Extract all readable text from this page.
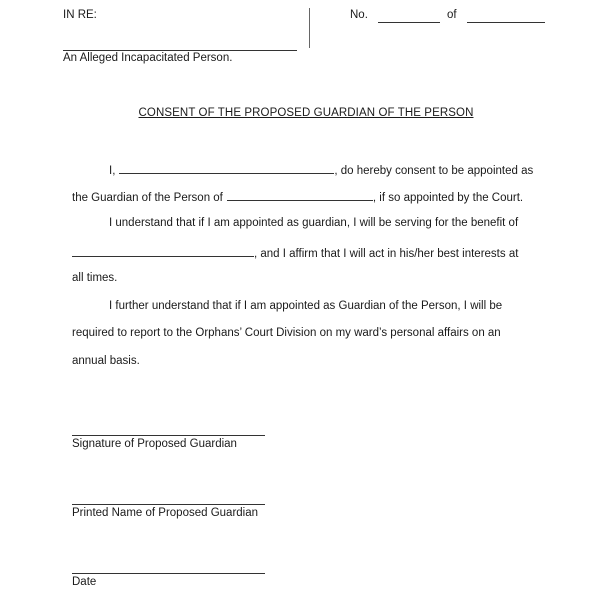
IN RE:
An Alleged Incapacitated Person.
No.	of
CONSENT OF THE PROPOSED GUARDIAN OF THE PERSON
I,	, do hereby consent to be appointed as
the Guardian of the Person of	, if so appointed by the Court.
I understand that if I am appointed as guardian, I will be serving for the benefit of
, and I affirm that I will act in his/her best interests at
all times.
I further understand that if I am appointed as Guardian of the Person, I will be
required to report to the Orphans’ Court Division on my ward’s personal affairs on an
annual basis.
Signature of Proposed Guardian
Printed Name of Proposed Guardian
Date
